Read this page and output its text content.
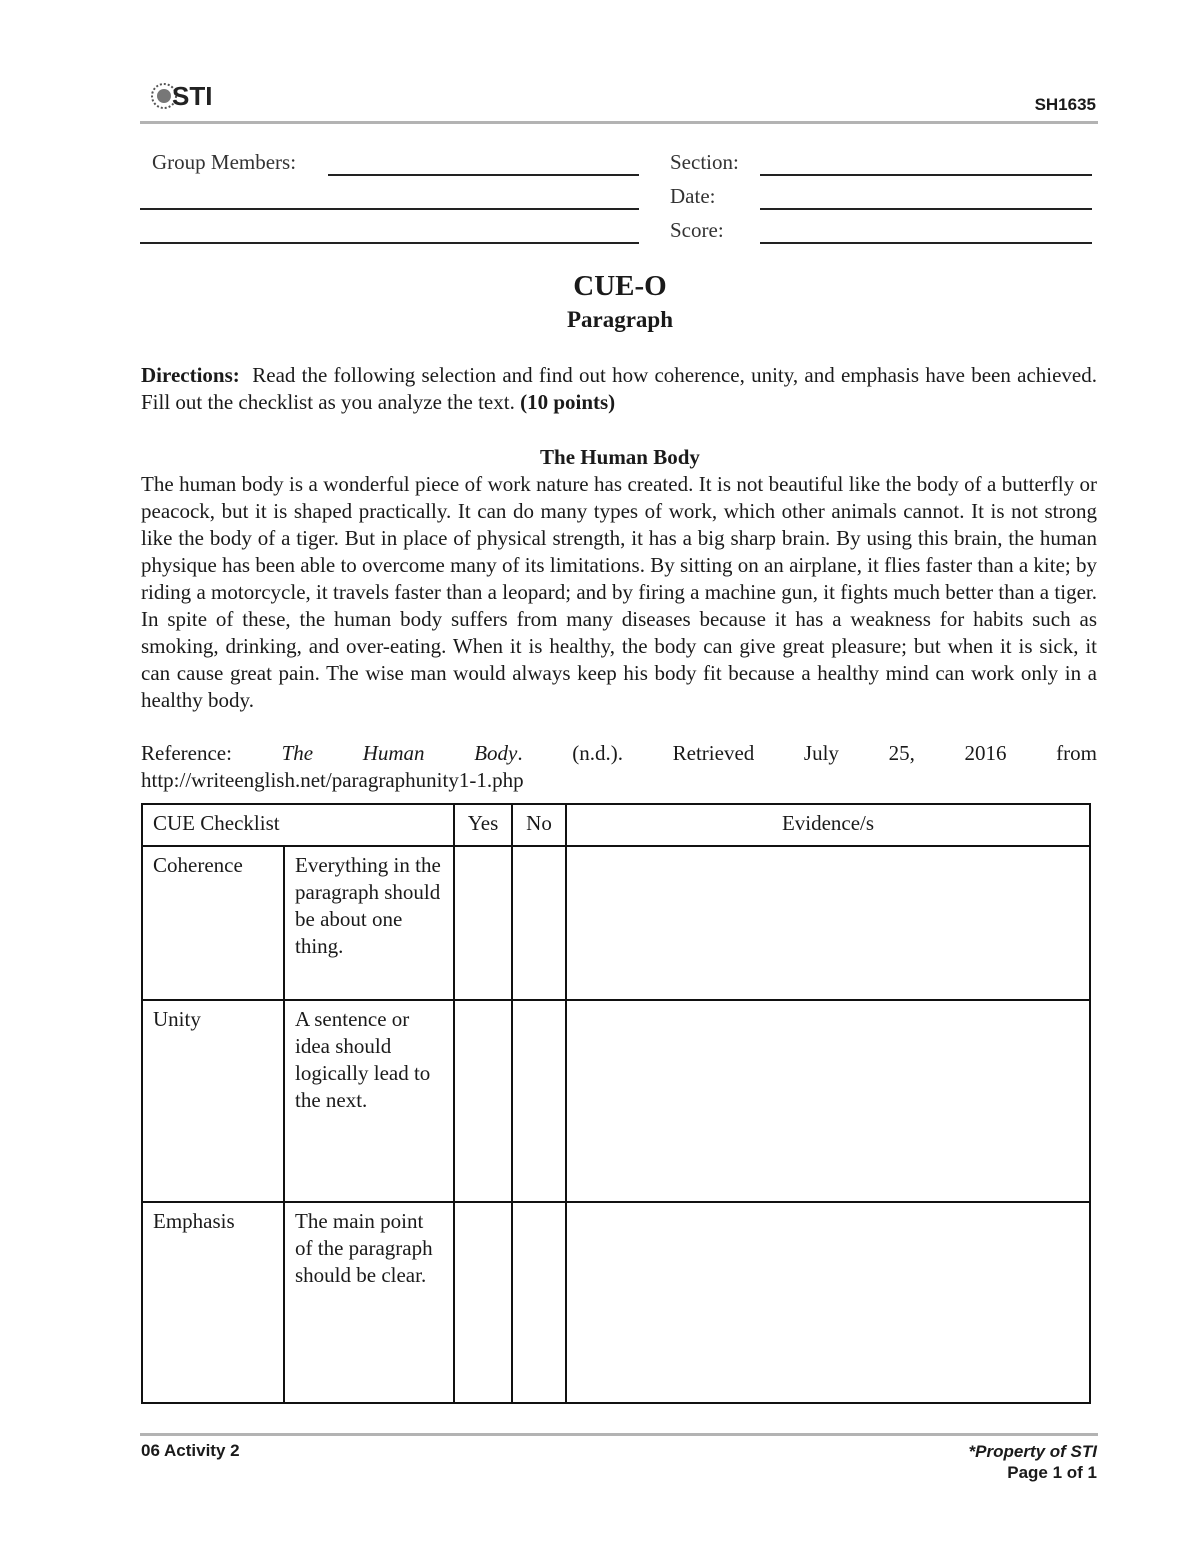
STI	SH1635
Group Members:	Section:
Date:
Score:
CUE-O
Paragraph
Directions: Read the following selection and find out how coherence, unity, and emphasis have been achieved. Fill out the checklist as you analyze the text. (10 points)
The Human Body
The human body is a wonderful piece of work nature has created. It is not beautiful like the body of a butterfly or peacock, but it is shaped practically. It can do many types of work, which other animals cannot. It is not strong like the body of a tiger. But in place of physical strength, it has a big sharp brain. By using this brain, the human physique has been able to overcome many of its limitations. By sitting on an airplane, it flies faster than a kite; by riding a motorcycle, it travels faster than a leopard; and by firing a machine gun, it fights much better than a tiger. In spite of these, the human body suffers from many diseases because it has a weakness for habits such as smoking, drinking, and over-eating. When it is healthy, the body can give great pleasure; but when it is sick, it can cause great pain. The wise man would always keep his body fit because a healthy mind can work only in a healthy body.
Reference: The Human Body. (n.d.). Retrieved July 25, 2016 from
http://writeenglish.net/paragraphunity1-1.php
CUE Checklist		Yes	No	Evidence/s
Coherence	Everything in the paragraph should be about one thing.			
Unity	A sentence or idea should logically lead to the next.			
Emphasis	The main point of the paragraph should be clear.			
06 Activity 2	*Property of STI
Page 1 of 1
